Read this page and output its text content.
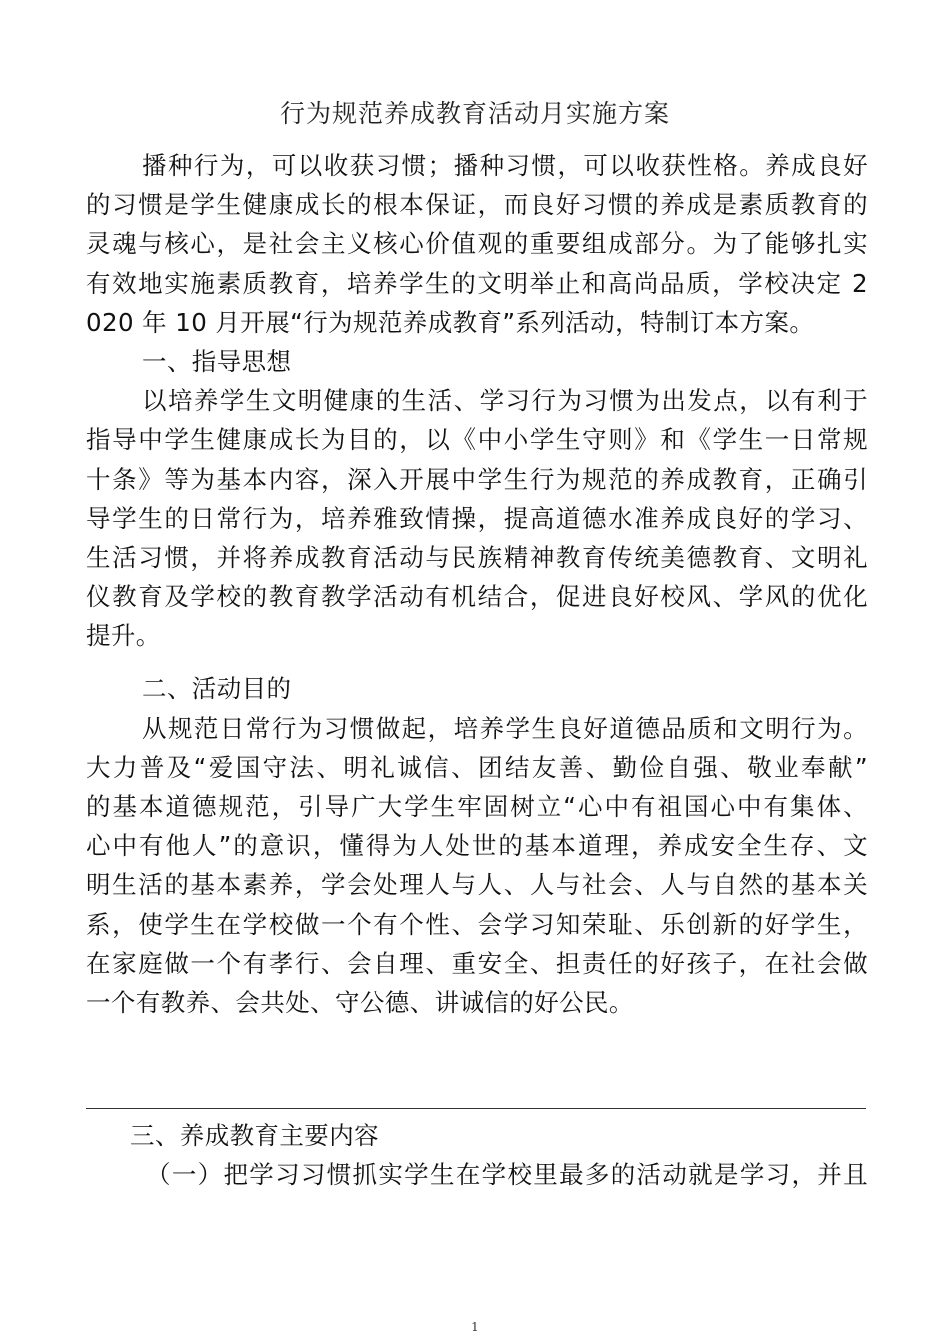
行为规范养成教育活动月实施方案
播种行为，可以收获习惯；播种习惯，可以收获性格。养成良好
的习惯是学生健康成长的根本保证，而良好习惯的养成是素质教育的
灵魂与核心，是社会主义核心价值观的重要组成部分。为了能够扎实
有效地实施素质教育，培养学生的文明举止和高尚品质，学校决定 2
020 年 10 月开展“行为规范养成教育”系列活动，特制订本方案。
一、指导思想
以培养学生文明健康的生活、学习行为习惯为出发点，以有利于
指导中学生健康成长为目的，以《中小学生守则》和《学生一日常规
十条》等为基本内容，深入开展中学生行为规范的养成教育，正确引
导学生的日常行为，培养雅致情操，提高道德水准养成良好的学习、
生活习惯，并将养成教育活动与民族精神教育传统美德教育、文明礼
仪教育及学校的教育教学活动有机结合，促进良好校风、学风的优化
提升。
二、活动目的
从规范日常行为习惯做起，培养学生良好道德品质和文明行为。
大力普及“爱国守法、明礼诚信、团结友善、勤俭自强、敬业奉献”
的基本道德规范，引导广大学生牢固树立“心中有祖国心中有集体、
心中有他人”的意识，懂得为人处世的基本道理，养成安全生存、文
明生活的基本素养，学会处理人与人、人与社会、人与自然的基本关
系，使学生在学校做一个有个性、会学习知荣耻、乐创新的好学生，
在家庭做一个有孝行、会自理、重安全、担责任的好孩子，在社会做
一个有教养、会共处、守公德、讲诚信的好公民。
三、养成教育主要内容
（一）把学习习惯抓实学生在学校里最多的活动就是学习，并且
1
